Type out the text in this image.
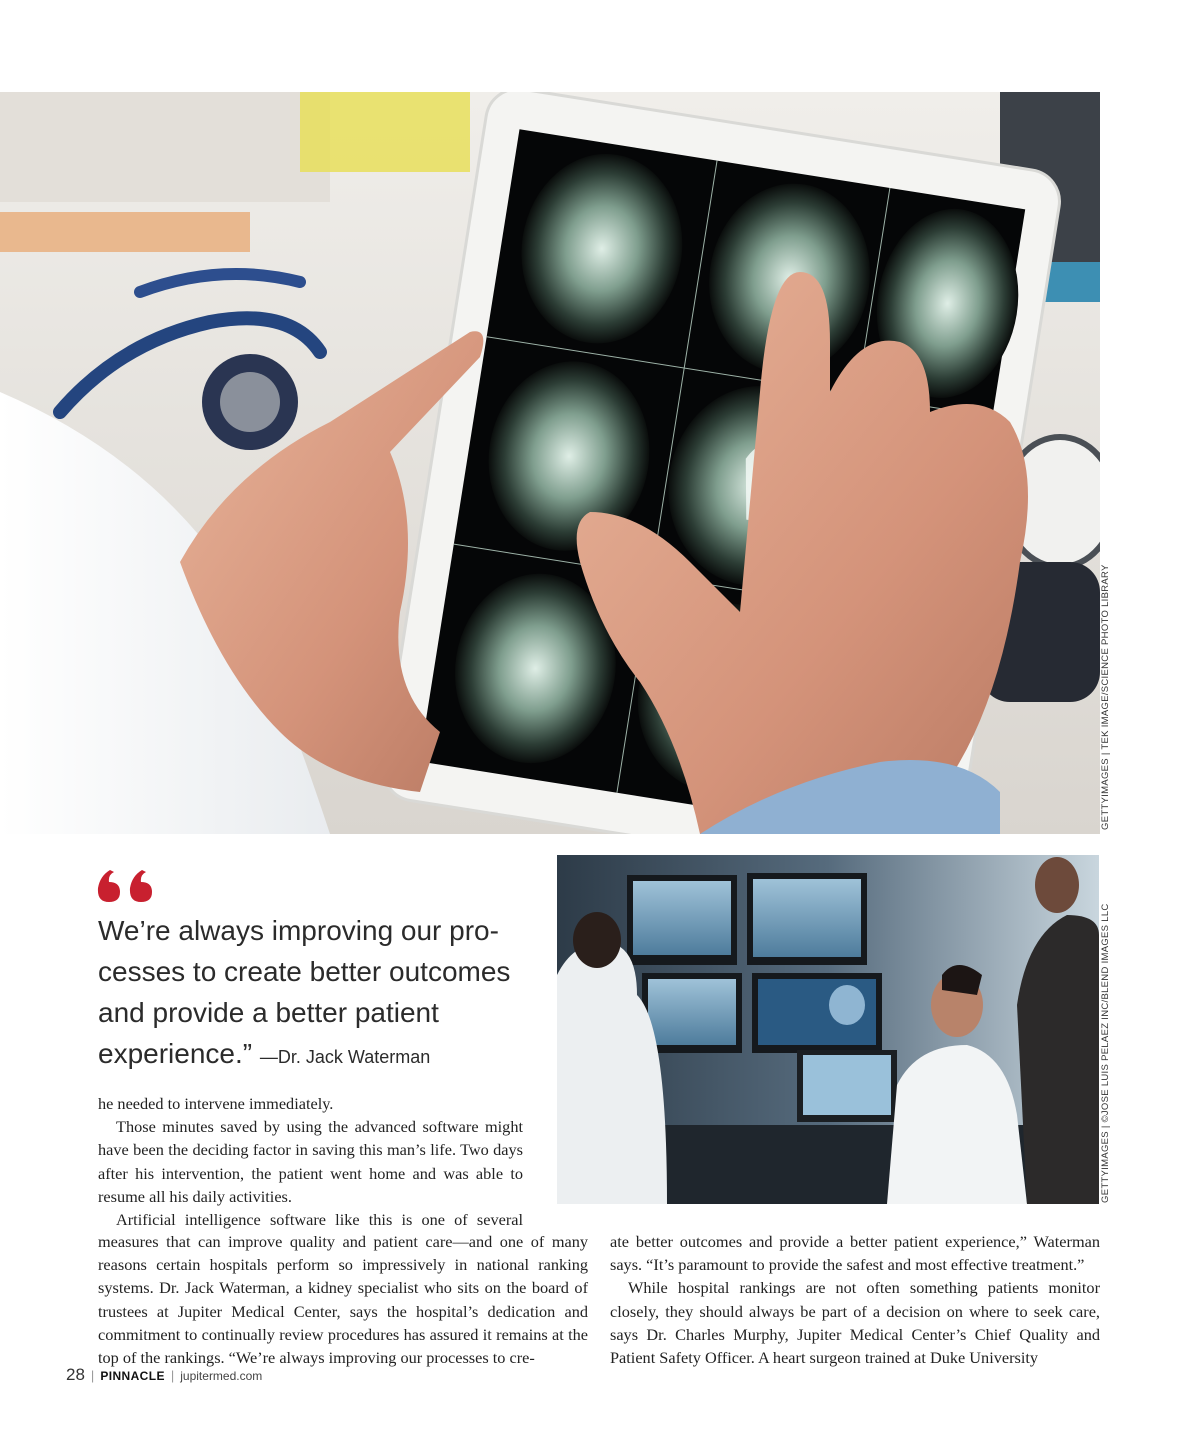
GETTYIMAGES | TEK IMAGE/SCIENCE PHOTO LIBRARY
GETTYIMAGES | ©JOSE LUIS PELAEZ INC/BLEND IMAGES LLC

We’re always improving our pro-
cesses to create better outcomes
and provide a better patient
experience.” —Dr. Jack Waterman

he needed to intervene immediately.

Those minutes saved by using the advanced software might have been the deciding factor in saving this man’s life. Two days after his intervention, the patient went home and was able to resume all his daily activities.

Artificial intelligence software like this is one of several

measures that can improve quality and patient care—and one of many reasons certain hospitals perform so impressively in national ranking systems. Dr. Jack Waterman, a kidney specialist who sits on the board of trustees at Jupiter Medical Center, says the hospital’s dedication and commitment to continually review procedures has assured it remains at the top of the rankings. “We’re always improving our processes to cre-

ate better outcomes and provide a better patient experience,” Waterman says. “It’s paramount to provide the safest and most effective treatment.”

While hospital rankings are not often something patients monitor closely, they should always be part of a decision on where to seek care, says Dr. Charles Murphy, Jupiter Medical Center’s Chief Quality and Patient Safety Officer. A heart surgeon trained at Duke University

28 | PINNACLE | jupitermed.com
